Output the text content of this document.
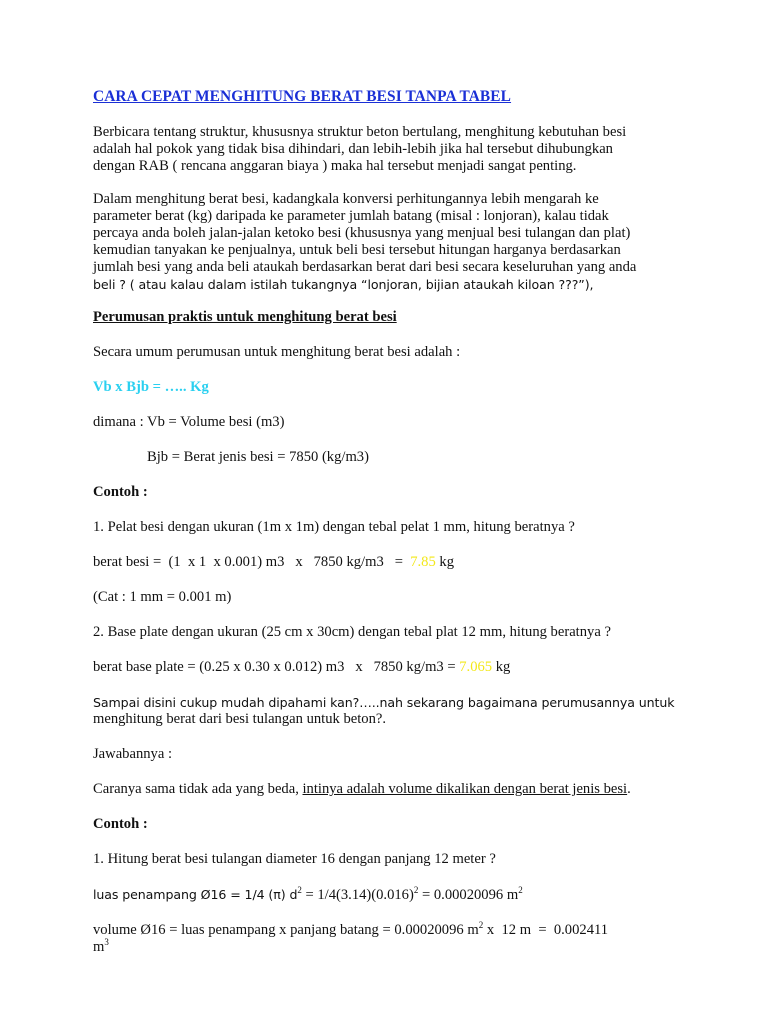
CARA CEPAT MENGHITUNG BERAT BESI TANPA TABEL

Berbicara tentang struktur, khususnya struktur beton bertulang, menghitung kebutuhan besi

adalah hal pokok yang tidak bisa dihindari, dan lebih-lebih jika hal tersebut dihubungkan

dengan RAB ( rencana anggaran biaya ) maka hal tersebut menjadi sangat penting.

Dalam menghitung berat besi, kadangkala konversi perhitungannya lebih mengarah ke

parameter berat (kg) daripada ke parameter jumlah batang (misal : lonjoran), kalau tidak

percaya anda boleh jalan-jalan ketoko besi (khususnya yang menjual besi tulangan dan plat)

kemudian tanyakan ke penjualnya, untuk beli besi tersebut hitungan harganya berdasarkan

jumlah besi yang anda beli ataukah berdasarkan berat dari besi secara keseluruhan yang anda

beli ? ( atau kalau dalam istilah tukangnya “lonjoran, bijian ataukah kiloan ???”),

Perumusan praktis untuk menghitung berat besi

Secara umum perumusan untuk menghitung berat besi adalah :

Vb x Bjb = ….. Kg

dimana : Vb = Volume besi (m3)

Bjb = Berat jenis besi = 7850 (kg/m3)

Contoh :

1. Pelat besi dengan ukuran (1m x 1m) dengan tebal pelat 1 mm, hitung beratnya ?

berat besi =  (1  x 1  x 0.001) m3   x   7850 kg/m3   =  7.85 kg

(Cat : 1 mm = 0.001 m)

2. Base plate dengan ukuran (25 cm x 30cm) dengan tebal plat 12 mm, hitung beratnya ?

berat base plate = (0.25 x 0.30 x 0.012) m3   x   7850 kg/m3 = 7.065 kg

Sampai disini cukup mudah dipahami kan?…..nah sekarang bagaimana perumusannya untuk

menghitung berat dari besi tulangan untuk beton?.

Jawabannya :

Caranya sama tidak ada yang beda, intinya adalah volume dikalikan dengan berat jenis besi.

Contoh :

1. Hitung berat besi tulangan diameter 16 dengan panjang 12 meter ?

luas penampang Ø16 = 1/4 (π) $d^2 = 1/4(3.14)(0.016)^2 = 0.00020096$ $m^2$

volume Ø16 = luas penampang x panjang batang = 0.00020096 $m^2$ x  12 m  =  0.002411

$m^3$
